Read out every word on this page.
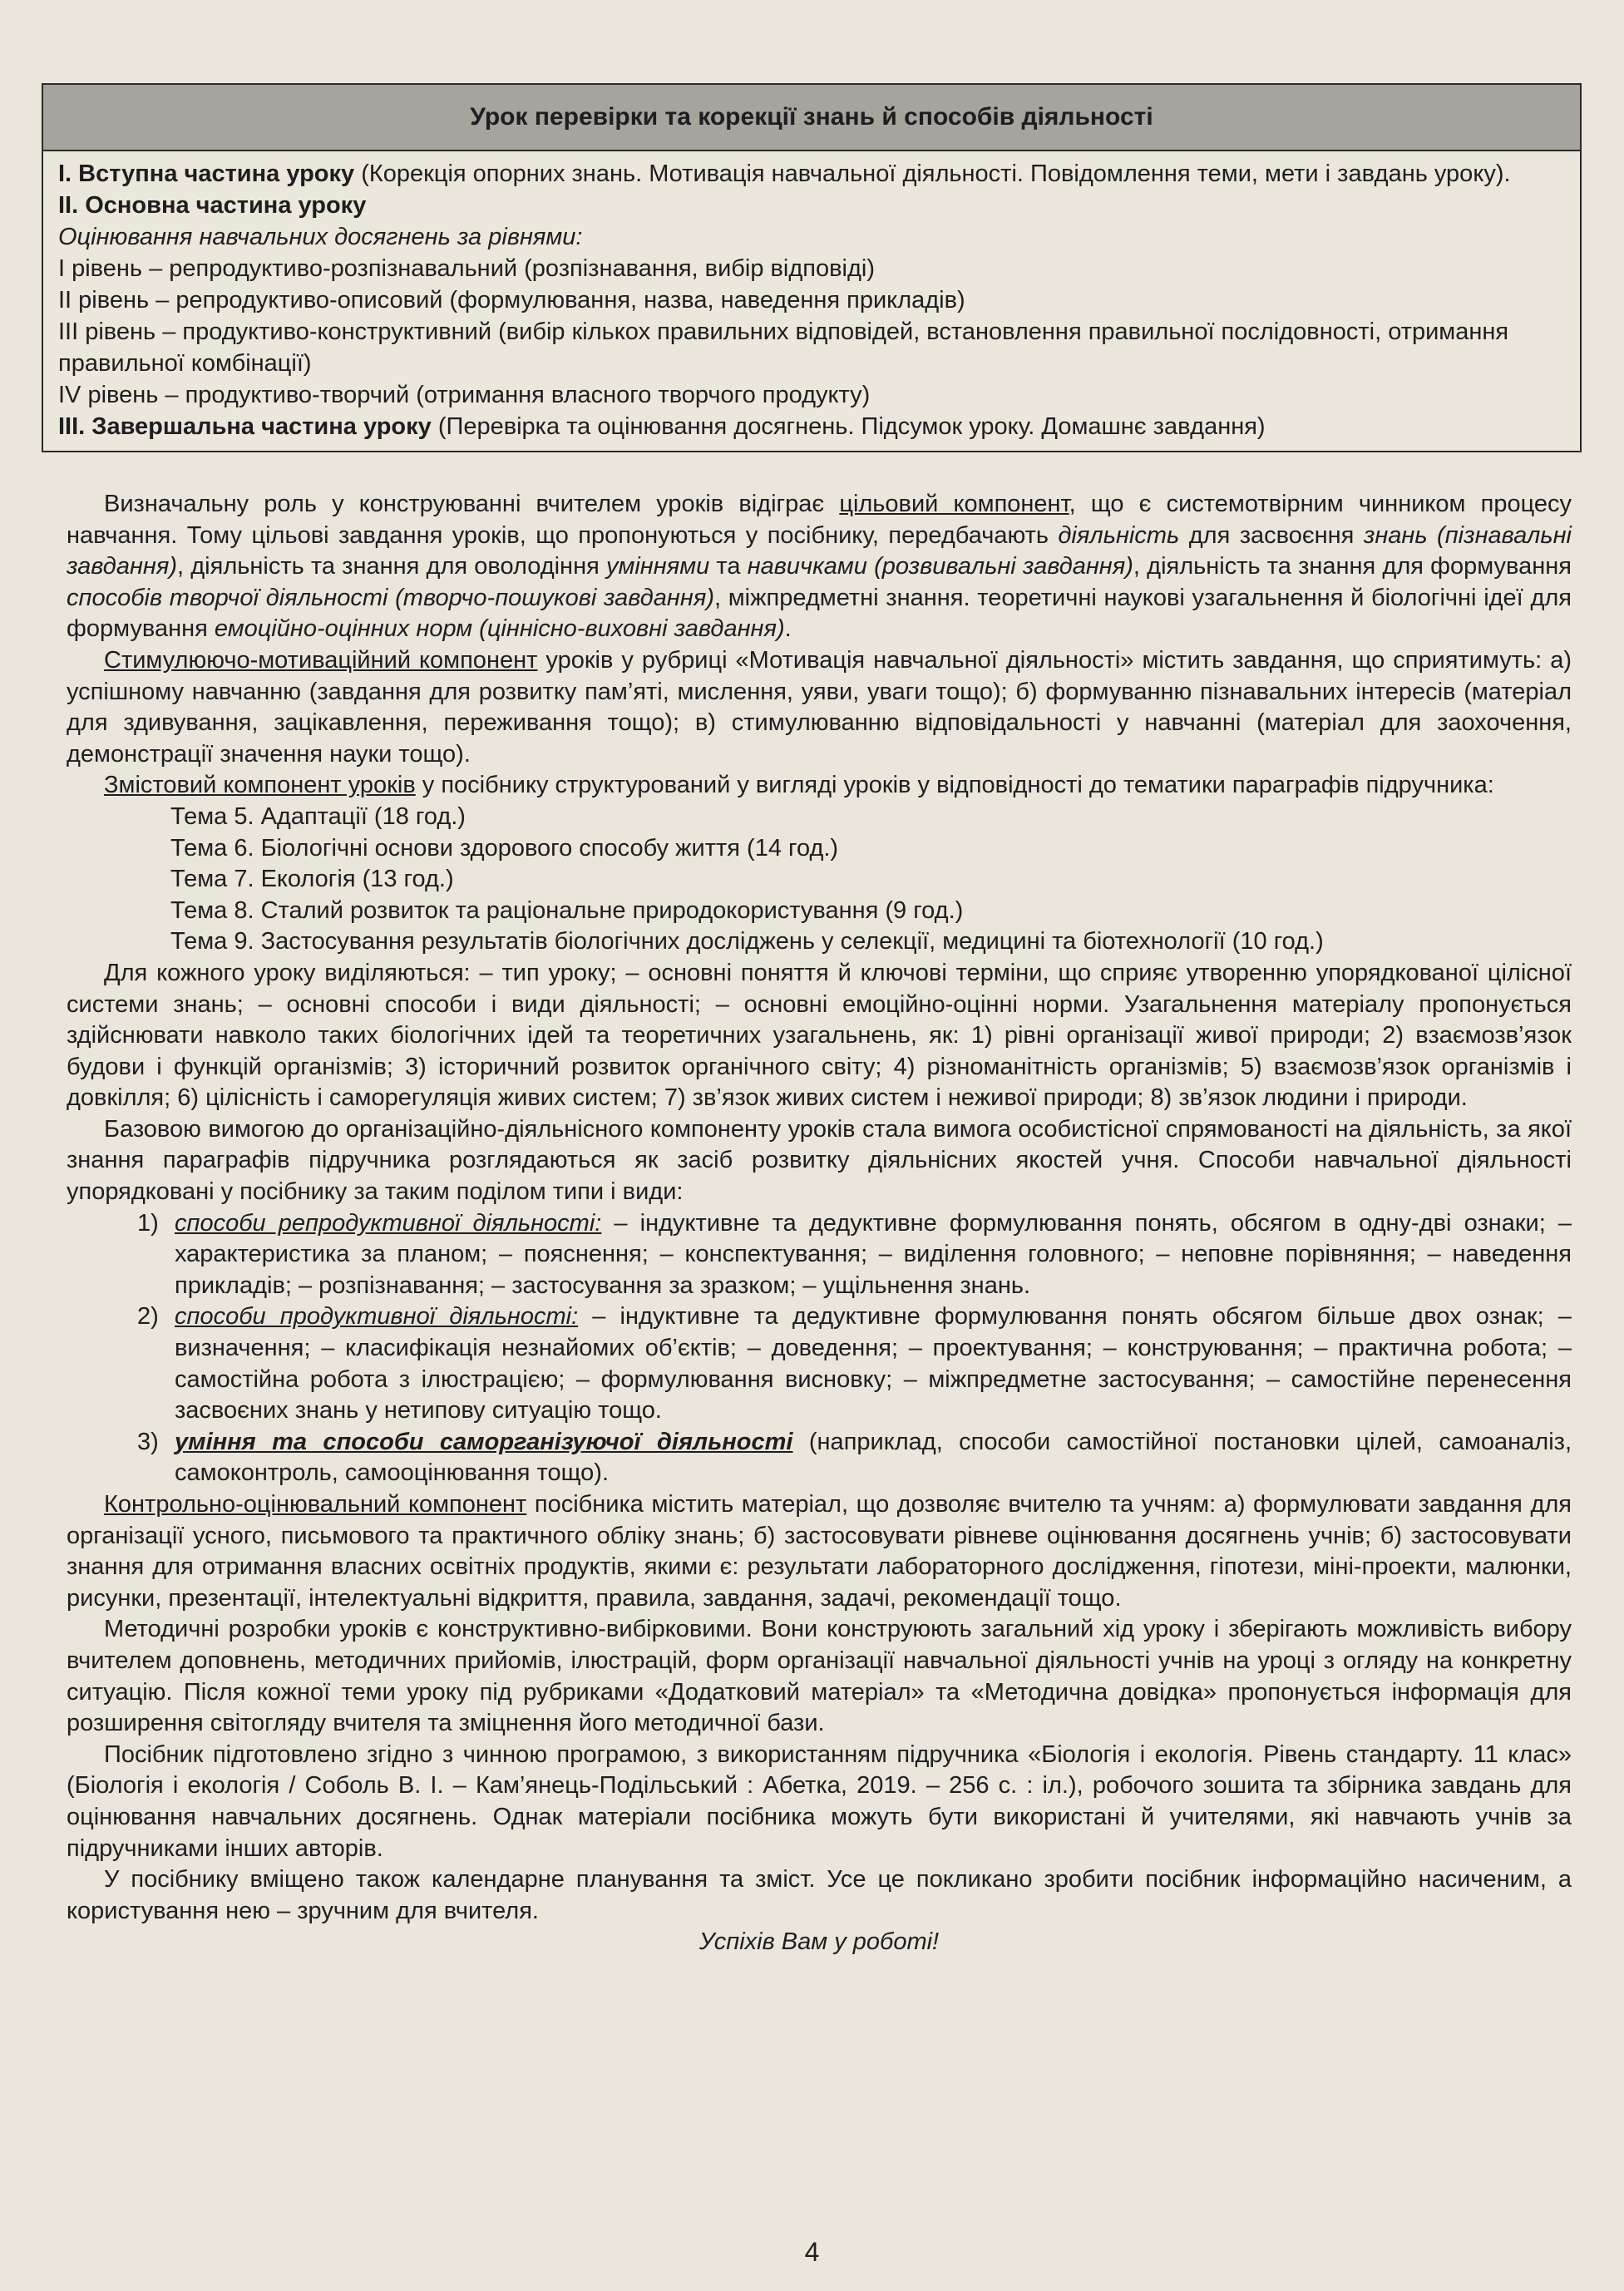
Урок перевірки та корекції знань й способів діяльності

I. Вступна частина уроку (Корекція опорних знань. Мотивація навчальної діяльності. Повідомлення теми, мети і завдань уроку).

II. Основна частина уроку

Оцінювання навчальних досягнень за рівнями:

I рівень – репродуктиво-розпізнавальний (розпізнавання, вибір відповіді)

II рівень – репродуктиво-описовий (формулювання, назва, наведення прикладів)

III рівень – продуктиво-конструктивний (вибір кількох правильних відповідей, встановлення правильної послідовності, отримання правильної комбінації)

IV рівень – продуктиво-творчий (отримання власного творчого продукту)

III. Завершальна частина уроку (Перевірка та оцінювання досягнень. Підсумок уроку. Домашнє завдання)

Визначальну роль у конструюванні вчителем уроків відіграє цільовий компонент, що є системотвірним чинником процесу навчання. Тому цільові завдання уроків, що пропонуються у посібнику, передбачають діяльність для засвоєння знань (пізнавальні завдання), діяльність та знання для оволодіння уміннями та навичками (розвивальні завдання), діяльність та знання для формування способів творчої діяльності (творчо-пошукові завдання), міжпредметні знання. теоретичні наукові узагальнення й біологічні ідеї для формування емоційно-оцінних норм (ціннісно-виховні завдання).

Стимулюючо-мотиваційний компонент уроків у рубриці «Мотивація навчальної діяльності» містить завдання, що сприятимуть: а) успішному навчанню (завдання для розвитку пам’яті, мислення, уяви, уваги тощо); б) формуванню пізнавальних інтересів (матеріал для здивування, зацікавлення, переживання тощо); в) стимулюванню відповідальності у навчанні (матеріал для заохочення, демонстрації значення науки тощо).

Змістовий компонент уроків у посібнику структурований у вигляді уроків у відповідності до тематики параграфів підручника:

Тема 5. Адаптації (18 год.)

Тема 6. Біологічні основи здорового способу життя (14 год.)

Тема 7. Екологія (13 год.)

Тема 8. Сталий розвиток та раціональне природокористування (9 год.)

Тема 9. Застосування результатів біологічних досліджень у селекції, медицині та біотехнології (10 год.)

Для кожного уроку виділяються: – тип уроку; – основні поняття й ключові терміни, що сприяє утворенню упорядкованої цілісної системи знань; – основні способи і види діяльності; – основні емоційно-оцінні норми. Узагальнення матеріалу пропонується здійснювати навколо таких біологічних ідей та теоретичних узагальнень, як: 1) рівні організації живої природи; 2) взаємозв’язок будови і функцій організмів; 3) історичний розвиток органічного світу; 4) різноманітність організмів; 5) взаємозв’язок організмів і довкілля; 6) цілісність і саморегуляція живих систем; 7) зв’язок живих систем і неживої природи; 8) зв’язок людини і природи.

Базовою вимогою до організаційно-діяльнісного компоненту уроків стала вимога особистісної спрямованості на діяльність, за якої знання параграфів підручника розглядаються як засіб розвитку діяльнісних якостей учня. Способи навчальної діяльності упорядковані у посібнику за таким поділом типи і види:

1) способи репродуктивної діяльності: – індуктивне та дедуктивне формулювання понять, обсягом в одну-дві ознаки; – характеристика за планом; – пояснення; – конспектування; – виділення головного; – неповне порівняння; – наведення прикладів; – розпізнавання; – застосування за зразком; – ущільнення знань.
2) способи продуктивної діяльності: – індуктивне та дедуктивне формулювання понять обсягом більше двох ознак; – визначення; – класифікація незнайомих об’єктів; – доведення; – проектування; – конструювання; – практична робота; – самостійна робота з ілюстрацією; – формулювання висновку; – міжпредметне застосування; – самостійне перенесення засвоєних знань у нетипову ситуацію тощо.
3) уміння та способи саморганізуючої діяльності (наприклад, способи самостійної постановки цілей, самоаналіз, самоконтроль, самооцінювання тощо).

Контрольно-оцінювальний компонент посібника містить матеріал, що дозволяє вчителю та учням: а) формулювати завдання для організації усного, письмового та практичного обліку знань; б) застосовувати рівневе оцінювання досягнень учнів; б) застосовувати знання для отримання власних освітніх продуктів, якими є: результати лабораторного дослідження, гіпотези, міні-проекти, малюнки, рисунки, презентації, інтелектуальні відкриття, правила, завдання, задачі, рекомендації тощо.

Методичні розробки уроків є конструктивно-вибірковими. Вони конструюють загальний хід уроку і зберігають можливість вибору вчителем доповнень, методичних прийомів, ілюстрацій, форм організації навчальної діяльності учнів на уроці з огляду на конкретну ситуацію. Після кожної теми уроку під рубриками «Додатковий матеріал» та «Методична довідка» пропонується інформація для розширення світогляду вчителя та зміцнення його методичної бази.

Посібник підготовлено згідно з чинною програмою, з використанням підручника «Біологія і екологія. Рівень стандарту. 11 клас» (Біологія і екологія / Соболь В. І. – Кам’янець-Подільський : Абетка, 2019. – 256 с. : іл.), робочого зошита та збірника завдань для оцінювання навчальних досягнень. Однак матеріали посібника можуть бути використані й учителями, які навчають учнів за підручниками інших авторів.

У посібнику вміщено також календарне планування та зміст. Усе це покликано зробити посібник інформаційно насиченим, а користування нею – зручним для вчителя.

Успіхів Вам у роботі!

4
